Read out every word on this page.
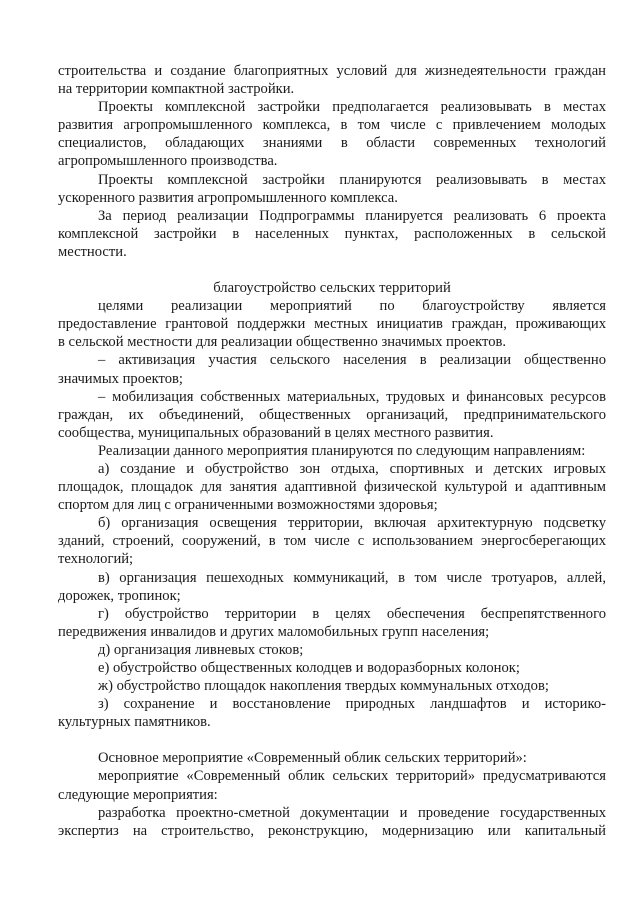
строительства и создание благоприятных условий для жизнедеятельности граждан
на территории компактной застройки.
Проекты комплексной застройки предполагается реализовывать в местах
развития агропромышленного комплекса, в том числе с привлечением молодых
специалистов, обладающих знаниями в области современных технологий
агропромышленного производства.
Проекты комплексной застройки планируются реализовывать в местах
ускоренного развития агропромышленного комплекса.
За период реализации Подпрограммы планируется реализовать 6 проекта
комплексной застройки в населенных пунктах, расположенных в сельской
местности.
благоустройство сельских территорий
целями реализации мероприятий по благоустройству является
предоставление грантовой поддержки местных инициатив граждан, проживающих
в сельской местности для реализации общественно значимых проектов.
– активизация участия сельского населения в реализации общественно
значимых проектов;
– мобилизация собственных материальных, трудовых и финансовых ресурсов
граждан, их объединений, общественных организаций, предпринимательского
сообщества, муниципальных образований в целях местного развития.
Реализации данного мероприятия планируются по следующим направлениям:
а) создание и обустройство зон отдыха, спортивных и детских игровых
площадок, площадок для занятия адаптивной физической культурой и адаптивным
спортом для лиц с ограниченными возможностями здоровья;
б) организация освещения территории, включая архитектурную подсветку
зданий, строений, сооружений, в том числе с использованием энергосберегающих
технологий;
в) организация пешеходных коммуникаций, в том числе тротуаров, аллей,
дорожек, тропинок;
г) обустройство территории в целях обеспечения беспрепятственного
передвижения инвалидов и других маломобильных групп населения;
д) организация ливневых стоков;
е) обустройство общественных колодцев и водоразборных колонок;
ж) обустройство площадок накопления твердых коммунальных отходов;
з) сохранение и восстановление природных ландшафтов и историко-
культурных памятников.
Основное мероприятие «Современный облик сельских территорий»:
мероприятие «Современный облик сельских территорий» предусматриваются
следующие мероприятия:
разработка проектно-сметной документации и проведение государственных
экспертиз на строительство, реконструкцию, модернизацию или капитальный
